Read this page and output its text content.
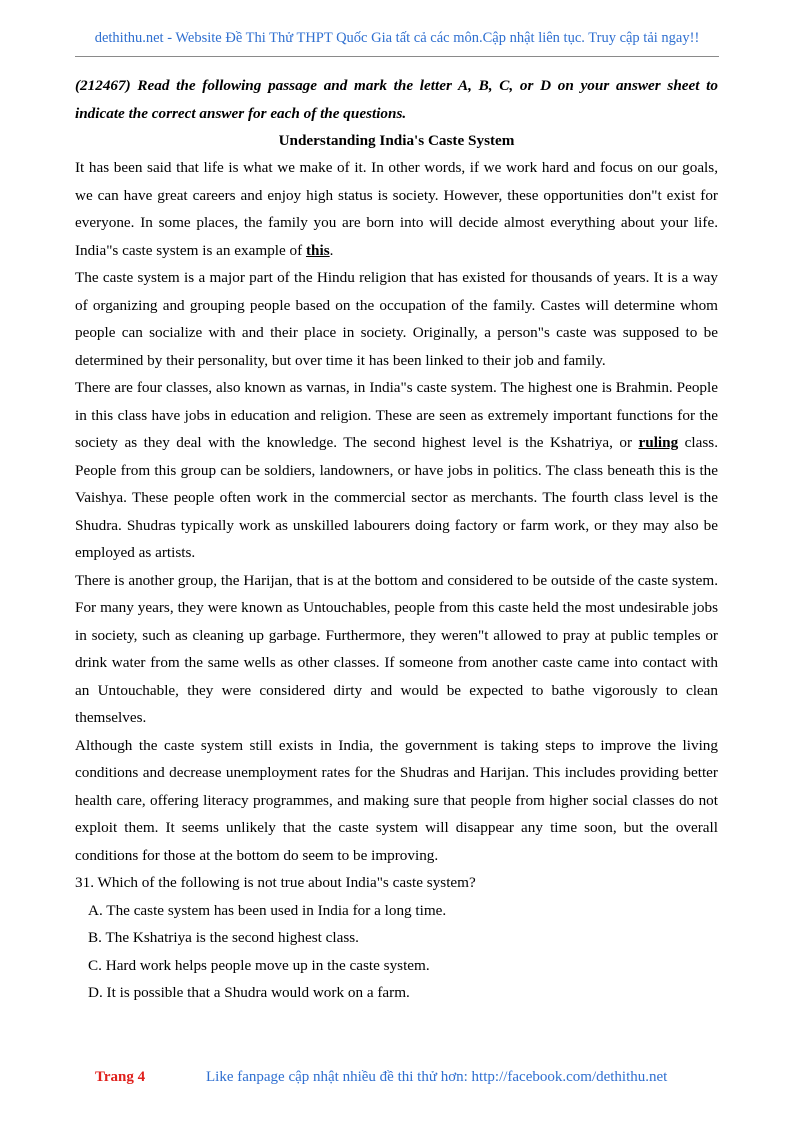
dethithu.net - Website Đề Thi Thử THPT Quốc Gia tất cả các môn.Cập nhật liên tục. Truy cập tải ngay!!
(212467) Read the following passage and mark the letter A, B, C, or D on your answer sheet to indicate the correct answer for each of the questions.
Understanding India's Caste System

It has been said that life is what we make of it. In other words, if we work hard and focus on our goals, we can have great careers and enjoy high status is society. However, these opportunities don"t exist for everyone. In some places, the family you are born into will decide almost everything about your life. India"s caste system is an example of this.

The caste system is a major part of the Hindu religion that has existed for thousands of years. It is a way of organizing and grouping people based on the occupation of the family. Castes will determine whom people can socialize with and their place in society. Originally, a person"s caste was supposed to be determined by their personality, but over time it has been linked to their job and family.

There are four classes, also known as varnas, in India"s caste system. The highest one is Brahmin. People in this class have jobs in education and religion. These are seen as extremely important functions for the society as they deal with the knowledge. The second highest level is the Kshatriya, or ruling class. People from this group can be soldiers, landowners, or have jobs in politics. The class beneath this is the Vaishya. These people often work in the commercial sector as merchants. The fourth class level is the Shudra. Shudras typically work as unskilled labourers doing factory or farm work, or they may also be employed as artists.

There is another group, the Harijan, that is at the bottom and considered to be outside of the caste system. For many years, they were known as Untouchables, people from this caste held the most undesirable jobs in society, such as cleaning up garbage. Furthermore, they weren"t allowed to pray at public temples or drink water from the same wells as other classes. If someone from another caste came into contact with an Untouchable, they were considered dirty and would be expected to bathe vigorously to clean themselves.

Although the caste system still exists in India, the government is taking steps to improve the living conditions and decrease unemployment rates for the Shudras and Harijan. This includes providing better health care, offering literacy programmes, and making sure that people from higher social classes do not exploit them. It seems unlikely that the caste system will disappear any time soon, but the overall conditions for those at the bottom do seem to be improving.

31. Which of the following is not true about India"s caste system?

A. The caste system has been used in India for a long time.

B. The Kshatriya is the second highest class.

C. Hard work helps people move up in the caste system.

D. It is possible that a Shudra would work on a farm.

Trang 4	Like fanpage cập nhật nhiều đề thi thử hơn: http://facebook.com/dethithu.net
